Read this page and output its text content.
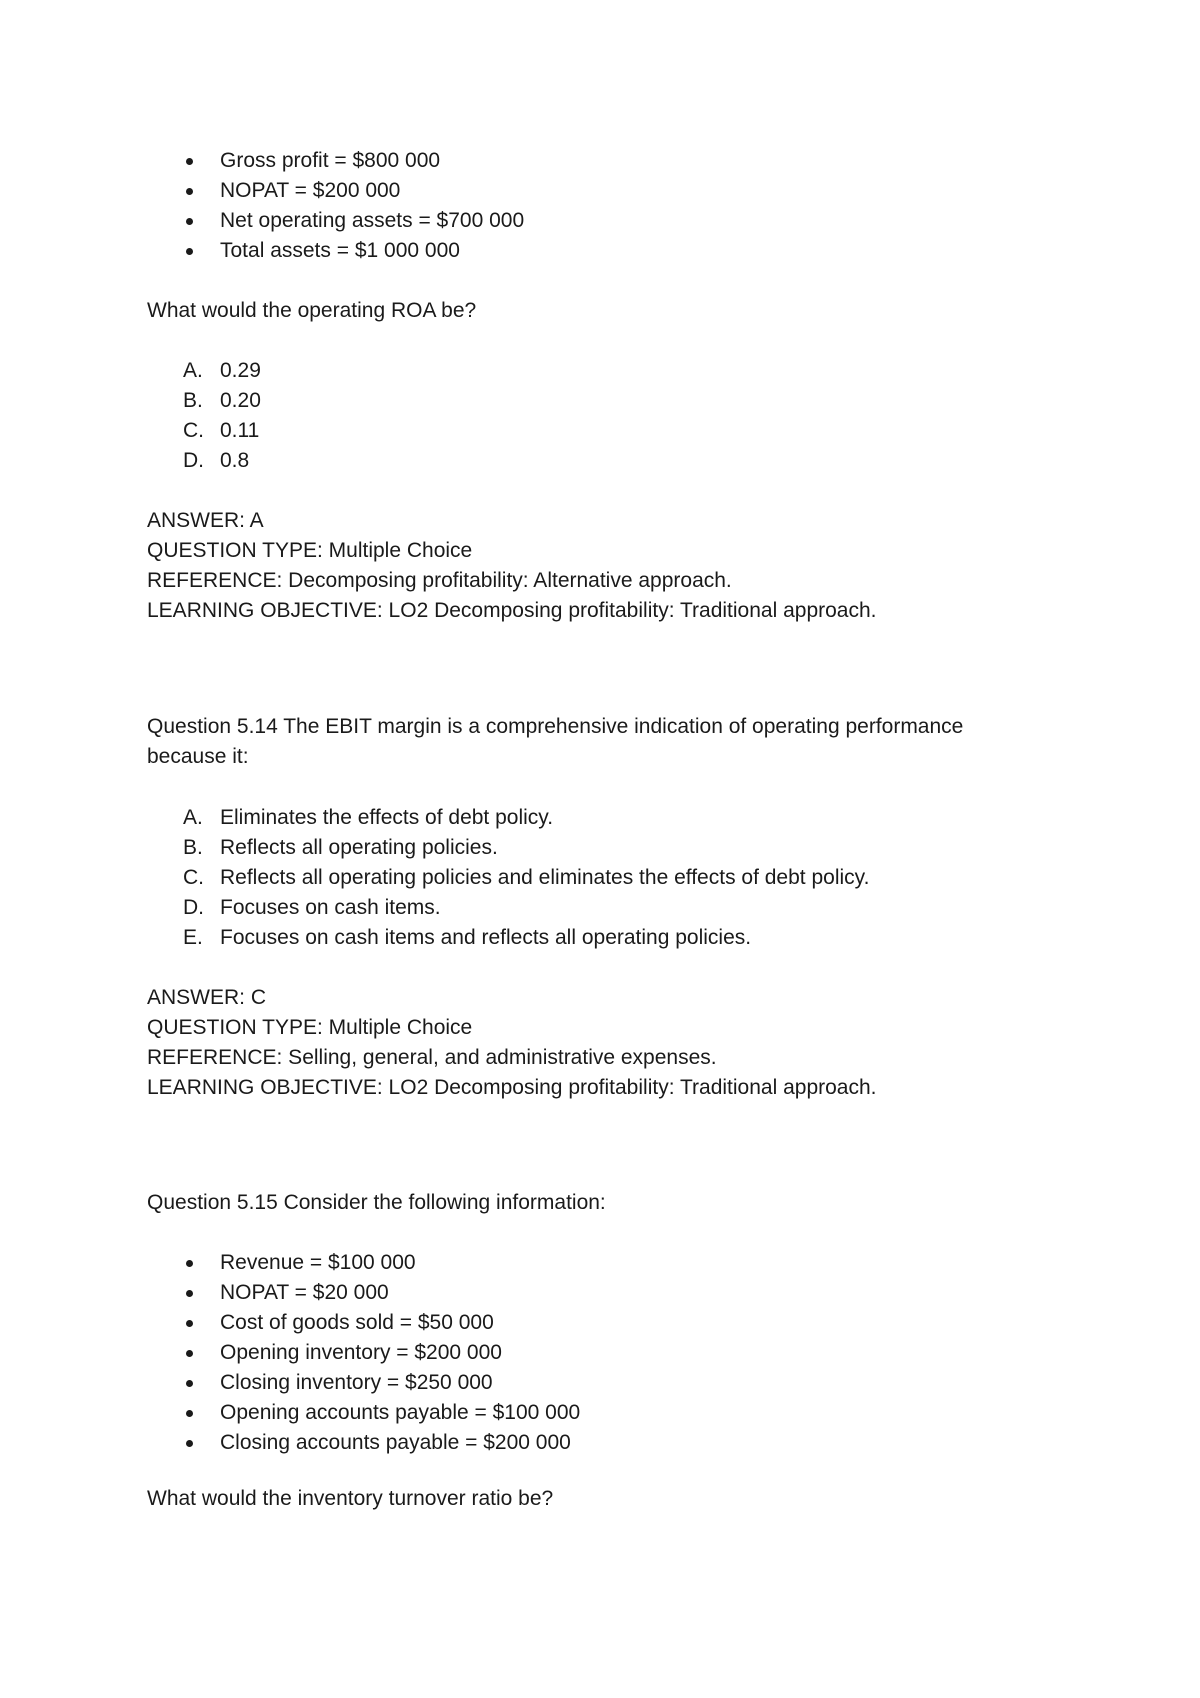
Gross profit = $800 000
NOPAT = $200 000
Net operating assets = $700 000
Total assets = $1 000 000
What would the operating ROA be?
A. 0.29
B. 0.20
C. 0.11
D. 0.8
ANSWER: A
QUESTION TYPE: Multiple Choice
REFERENCE: Decomposing profitability: Alternative approach.
LEARNING OBJECTIVE: LO2 Decomposing profitability: Traditional approach.
Question 5.14 The EBIT margin is a comprehensive indication of operating performance because it:
A. Eliminates the effects of debt policy.
B. Reflects all operating policies.
C. Reflects all operating policies and eliminates the effects of debt policy.
D. Focuses on cash items.
E. Focuses on cash items and reflects all operating policies.
ANSWER: C
QUESTION TYPE: Multiple Choice
REFERENCE: Selling, general, and administrative expenses.
LEARNING OBJECTIVE: LO2 Decomposing profitability: Traditional approach.
Question 5.15 Consider the following information:
Revenue = $100 000
NOPAT = $20 000
Cost of goods sold = $50 000
Opening inventory = $200 000
Closing inventory = $250 000
Opening accounts payable = $100 000
Closing accounts payable = $200 000
What would the inventory turnover ratio be?
